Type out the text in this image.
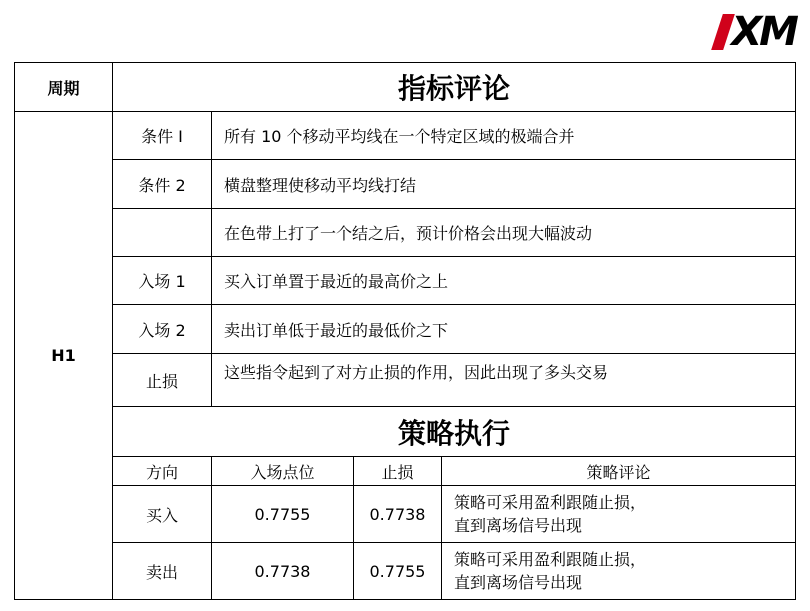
XM
周期	指标评论
H1
条件 I	所有 10 个移动平均线在一个特定区域的极端合并
条件 2	横盘整理使移动平均线打结
在色带上打了一个结之后，预计价格会出现大幅波动
入场 1	买入订单置于最近的最高价之上
入场 2	卖出订单低于最近的最低价之下
止损	这些指令起到了对方止损的作用，因此出现了多头交易
策略执行
方向	入场点位	止损	策略评论
买入	0.7755	0.7738
策略可采用盈利跟随止损，
直到离场信号出现
卖出	0.7738	0.7755
策略可采用盈利跟随止损，
直到离场信号出现
